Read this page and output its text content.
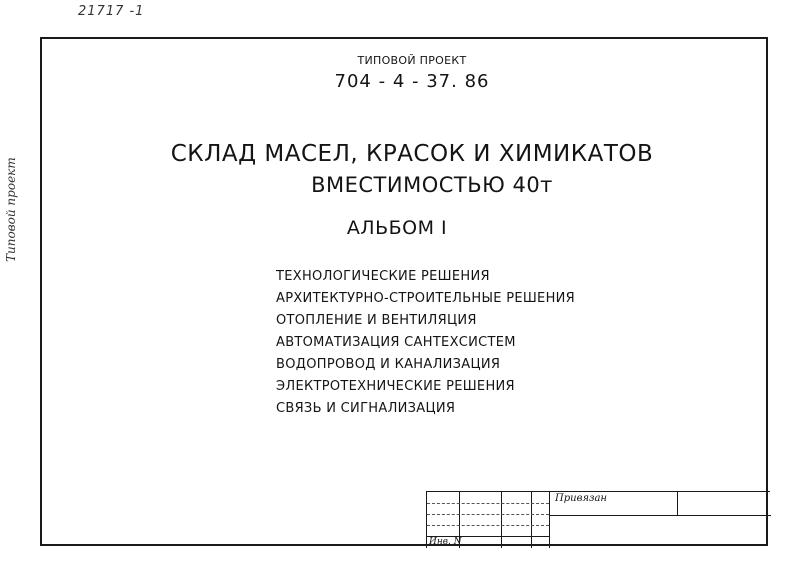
21717 -1
Типовой проект
ТИПОВОЙ ПРОЕКТ
704 - 4 - 37. 86
СКЛАД МАСЕЛ, КРАСОК И ХИМИКАТОВ
ВМЕСТИМОСТЬЮ 40т
АЛЬБОМ I
ТЕХНОЛОГИЧЕСКИЕ РЕШЕНИЯ
АРХИТЕКТУРНО-СТРОИТЕЛЬНЫЕ РЕШЕНИЯ
ОТОПЛЕНИЕ И ВЕНТИЛЯЦИЯ
АВТОМАТИЗАЦИЯ САНТЕХСИСТЕМ
ВОДОПРОВОД И КАНАЛИЗАЦИЯ
ЭЛЕКТРОТЕХНИЧЕСКИЕ РЕШЕНИЯ
СВЯЗЬ И СИГНАЛИЗАЦИЯ
Привязан
Инв. N
